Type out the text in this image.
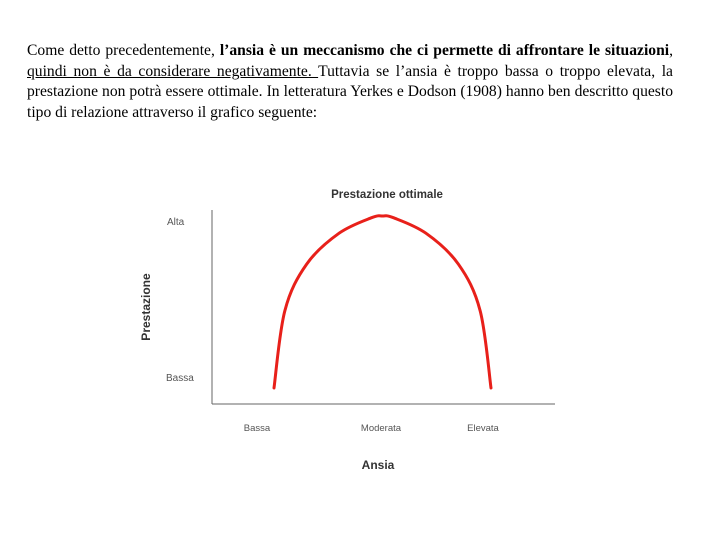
Come detto precedentemente, l’ansia è un meccanismo che ci permette di affrontare le situazioni, quindi non è da considerare negativamente. Tuttavia se l’ansia è troppo bassa o troppo elevata, la prestazione non potrà essere ottimale. In letteratura Yerkes e Dodson (1908) hanno ben descritto questo tipo di relazione attraverso il grafico seguente:

Prestazione ottimale
Alta
Bassa
Prestazione
Bassa	Moderata	Elevata
Ansia
